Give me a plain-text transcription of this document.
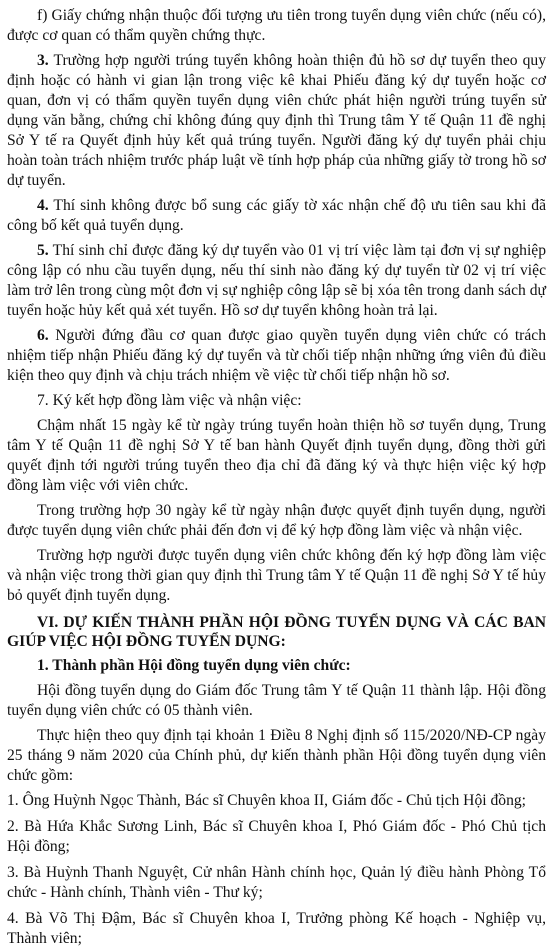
f) Giấy chứng nhận thuộc đối tượng ưu tiên trong tuyển dụng viên chức (nếu có), được cơ quan có thẩm quyền chứng thực.

3. Trường hợp người trúng tuyển không hoàn thiện đủ hồ sơ dự tuyển theo quy định hoặc có hành vi gian lận trong việc kê khai Phiếu đăng ký dự tuyển hoặc cơ quan, đơn vị có thẩm quyền tuyển dụng viên chức phát hiện người trúng tuyển sử dụng văn bằng, chứng chỉ không đúng quy định thì Trung tâm Y tế Quận 11 đề nghị Sở Y tế ra Quyết định hủy kết quả trúng tuyển. Người đăng ký dự tuyển phải chịu hoàn toàn trách nhiệm trước pháp luật về tính hợp pháp của những giấy tờ trong hồ sơ dự tuyển.

4. Thí sinh không được bổ sung các giấy tờ xác nhận chế độ ưu tiên sau khi đã công bố kết quả tuyển dụng.

5. Thí sinh chỉ được đăng ký dự tuyển vào 01 vị trí việc làm tại đơn vị sự nghiệp công lập có nhu cầu tuyển dụng, nếu thí sinh nào đăng ký dự tuyển từ 02 vị trí việc làm trở lên trong cùng một đơn vị sự nghiệp công lập sẽ bị xóa tên trong danh sách dự tuyển hoặc hủy kết quả xét tuyển. Hồ sơ dự tuyển không hoàn trả lại.

6. Người đứng đầu cơ quan được giao quyền tuyển dụng viên chức có trách nhiệm tiếp nhận Phiếu đăng ký dự tuyển và từ chối tiếp nhận những ứng viên đủ điều kiện theo quy định và chịu trách nhiệm về việc từ chối tiếp nhận hồ sơ.

7. Ký kết hợp đồng làm việc và nhận việc:

Chậm nhất 15 ngày kể từ ngày trúng tuyển hoàn thiện hồ sơ tuyển dụng, Trung tâm Y tế Quận 11 đề nghị Sở Y tế ban hành Quyết định tuyển dụng, đồng thời gửi quyết định tới người trúng tuyển theo địa chỉ đã đăng ký và thực hiện việc ký hợp đồng làm việc với viên chức.

Trong trường hợp 30 ngày kể từ ngày nhận được quyết định tuyển dụng, người được tuyển dụng viên chức phải đến đơn vị để ký hợp đồng làm việc và nhận việc.

Trường hợp người được tuyển dụng viên chức không đến ký hợp đồng làm việc và nhận việc trong thời gian quy định thì Trung tâm Y tế Quận 11 đề nghị Sở Y tế hủy bỏ quyết định tuyển dụng.

VI. DỰ KIẾN THÀNH PHẦN HỘI ĐỒNG TUYỂN DỤNG VÀ CÁC BAN GIÚP VIỆC HỘI ĐỒNG TUYỂN DỤNG:

1. Thành phần Hội đồng tuyển dụng viên chức:

Hội đồng tuyển dụng do Giám đốc Trung tâm Y tế Quận 11 thành lập. Hội đồng tuyển dụng viên chức có 05 thành viên.

Thực hiện theo quy định tại khoản 1 Điều 8 Nghị định số 115/2020/NĐ-CP ngày 25 tháng 9 năm 2020 của Chính phủ, dự kiến thành phần Hội đồng tuyển dụng viên chức gồm:

1. Ông Huỳnh Ngọc Thành, Bác sĩ Chuyên khoa II, Giám đốc - Chủ tịch Hội đồng;

2. Bà Hứa Khắc Sương Linh, Bác sĩ Chuyên khoa I, Phó Giám đốc - Phó Chủ tịch Hội đồng;

3. Bà Huỳnh Thanh Nguyệt, Cử nhân Hành chính học, Quản lý điều hành Phòng Tổ chức - Hành chính, Thành viên - Thư ký;

4. Bà Võ Thị Đậm, Bác sĩ Chuyên khoa I, Trưởng phòng Kế hoạch - Nghiệp vụ, Thành viên;
